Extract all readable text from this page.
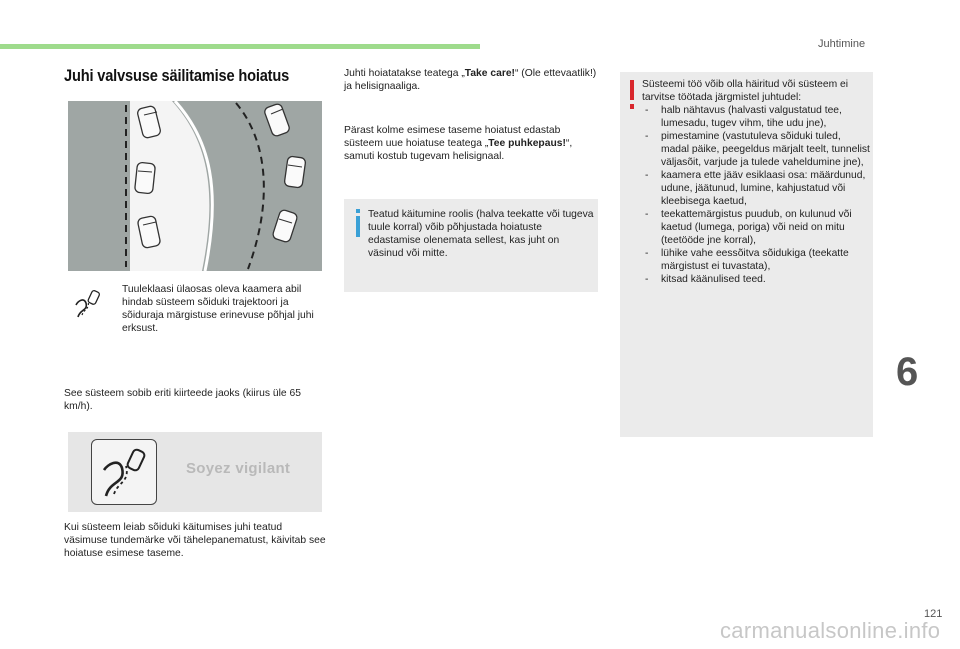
Juhtimine
Juhi valvsuse säilitamise hoiatus
Tuuleklaasi ülaosas oleva kaamera abil hindab süsteem sõiduki trajektoori ja sõiduraja märgistuse erinevuse põhjal juhi erksust.
See süsteem sobib eriti kiirteede jaoks (kiirus üle 65 km/h).
Soyez vigilant
Kui süsteem leiab sõiduki käitumises juhi teatud väsimuse tundemärke või tähelepanematust, käivitab see hoiatuse esimese taseme.
Juhti hoiatatakse teatega „Take care!“ (Ole ettevaatlik!) ja helisignaaliga.
Pärast kolme esimese taseme hoiatust edastab süsteem uue hoiatuse teatega „Tee puhkepaus!“, samuti kostub tugevam helisignaal.
Teatud käitumine roolis (halva teekatte või tugeva tuule korral) võib põhjustada hoiatuste edastamise olenemata sellest, kas juht on väsinud või mitte.
Süsteemi töö võib olla häiritud või süsteem ei tarvitse töötada järgmistel juhtudel:
- halb nähtavus (halvasti valgustatud tee, lumesadu, tugev vihm, tihe udu jne),
- pimestamine (vastutuleva sõiduki tuled, madal päike, peegeldus märjalt teelt, tunnelist väljasõit, varjude ja tulede vaheldumine jne),
- kaamera ette jääv esiklaasi osa: määrdunud, udune, jäätunud, lumine, kahjustatud või kleebisega kaetud,
- teekattemärgistus puudub, on kulunud või kaetud (lumega, poriga) või neid on mitu (teetööde jne korral),
- lühike vahe eessõitva sõidukiga (teekatte märgistust ei tuvastata),
- kitsad käänulised teed.
6
121
carmanualsonline.info
